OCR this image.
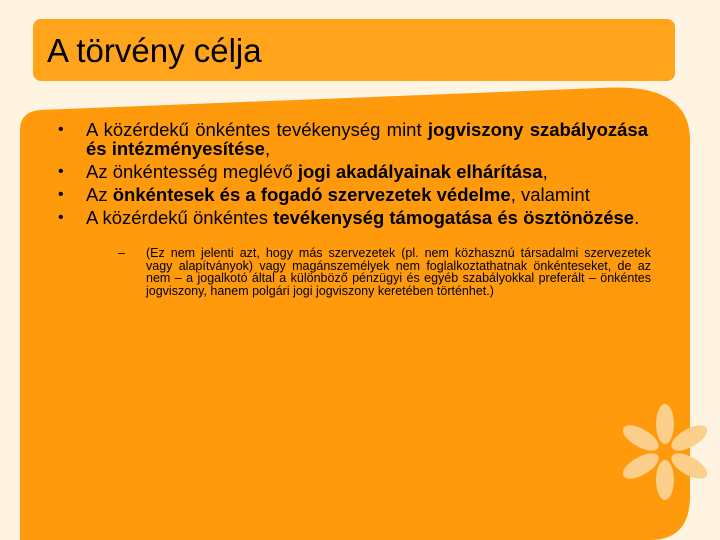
A törvény célja
• A közérdekű önkéntes tevékenység mint jogviszony szabályozása és intézményesítése,
• Az önkéntesség meglévő jogi akadályainak elhárítása,
• Az önkéntesek és a fogadó szervezetek védelme, valamint
• A közérdekű önkéntes tevékenység támogatása és ösztönözése.
– (Ez nem jelenti azt, hogy más szervezetek (pl. nem közhasznú társadalmi szervezetek vagy alapítványok) vagy magánszemélyek nem foglalkoztathatnak önkénteseket, de az nem – a jogalkotó által a különböző pénzügyi és egyéb szabályokkal preferált – önkéntes jogviszony, hanem polgári jogi jogviszony keretében történhet.)
